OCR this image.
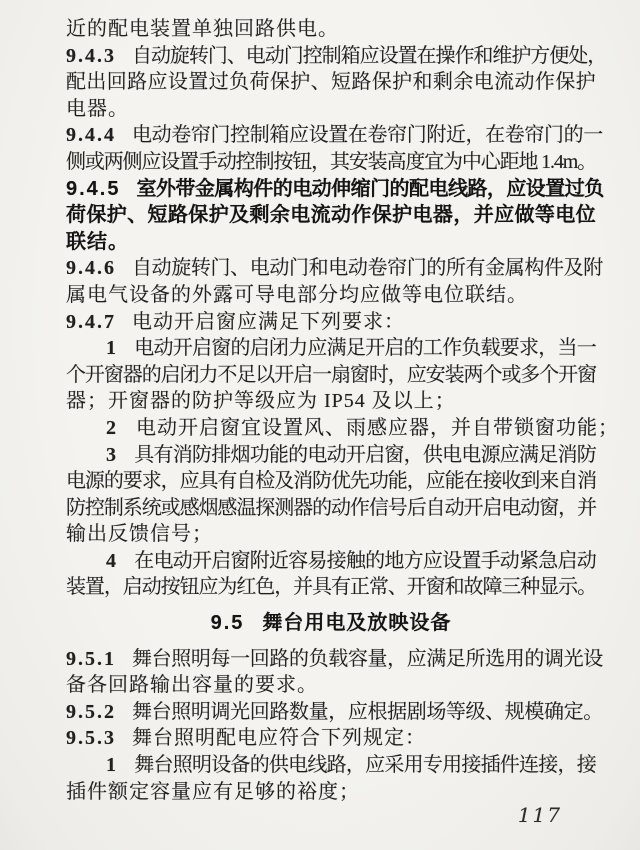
近的配电装置单独回路供电。
9.4.3 自动旋转门、电动门控制箱应设置在操作和维护方便处，
配出回路应设置过负荷保护、短路保护和剩余电流动作保护
电器。
9.4.4 电动卷帘门控制箱应设置在卷帘门附近，在卷帘门的一
侧或两侧应设置手动控制按钮，其安装高度宜为中心距地 1.4m。
9.4.5 室外带金属构件的电动伸缩门的配电线路，应设置过负
荷保护、短路保护及剩余电流动作保护电器，并应做等电位
联结。
9.4.6 自动旋转门、电动门和电动卷帘门的所有金属构件及附
属电气设备的外露可导电部分均应做等电位联结。
9.4.7 电动开启窗应满足下列要求：
1 电动开启窗的启闭力应满足开启的工作负载要求，当一
个开窗器的启闭力不足以开启一扇窗时，应安装两个或多个开窗
器；开窗器的防护等级应为 IP54 及以上；
2 电动开启窗宜设置风、雨感应器，并自带锁窗功能；
3 具有消防排烟功能的电动开启窗，供电电源应满足消防
电源的要求，应具有自检及消防优先功能，应能在接收到来自消
防控制系统或感烟感温探测器的动作信号后自动开启电动窗，并
输出反馈信号；
4 在电动开启窗附近容易接触的地方应设置手动紧急启动
装置，启动按钮应为红色，并具有正常、开窗和故障三种显示。
9.5 舞台用电及放映设备
9.5.1 舞台照明每一回路的负载容量，应满足所选用的调光设
备各回路输出容量的要求。
9.5.2 舞台照明调光回路数量，应根据剧场等级、规模确定。
9.5.3 舞台照明配电应符合下列规定：
1 舞台照明设备的供电线路，应采用专用接插件连接，接
插件额定容量应有足够的裕度；
117
